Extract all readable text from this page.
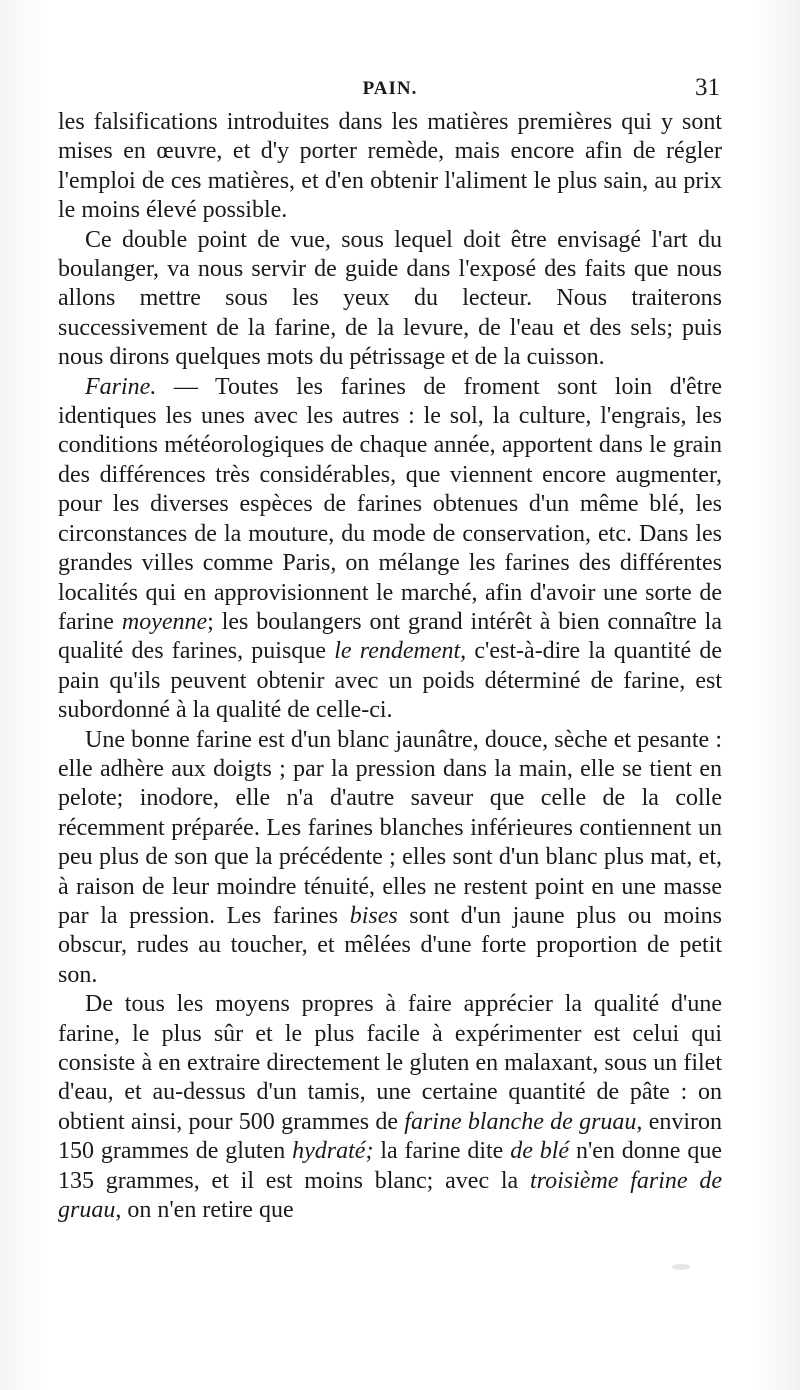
PAIN.	31

les falsifications introduites dans les matières premières qui y sont mises en œuvre, et d'y porter remède, mais encore afin de régler l'emploi de ces matières, et d'en obtenir l'aliment le plus sain, au prix le moins élevé possible.

Ce double point de vue, sous lequel doit être envisagé l'art du boulanger, va nous servir de guide dans l'exposé des faits que nous allons mettre sous les yeux du lecteur. Nous traiterons successivement de la farine, de la levure, de l'eau et des sels; puis nous dirons quelques mots du pétrissage et de la cuisson.

Farine. — Toutes les farines de froment sont loin d'être identiques les unes avec les autres : le sol, la culture, l'engrais, les conditions météorologiques de chaque année, apportent dans le grain des différences très considérables, que viennent encore augmenter, pour les diverses espèces de farines obtenues d'un même blé, les circonstances de la mouture, du mode de conservation, etc. Dans les grandes villes comme Paris, on mélange les farines des différentes localités qui en approvisionnent le marché, afin d'avoir une sorte de farine moyenne; les boulangers ont grand intérêt à bien connaître la qualité des farines, puisque le rendement, c'est-à-dire la quantité de pain qu'ils peuvent obtenir avec un poids déterminé de farine, est subordonné à la qualité de celle-ci.

Une bonne farine est d'un blanc jaunâtre, douce, sèche et pesante : elle adhère aux doigts ; par la pression dans la main, elle se tient en pelote; inodore, elle n'a d'autre saveur que celle de la colle récemment préparée. Les farines blanches inférieures contiennent un peu plus de son que la précédente ; elles sont d'un blanc plus mat, et, à raison de leur moindre ténuité, elles ne restent point en une masse par la pression. Les farines bises sont d'un jaune plus ou moins obscur, rudes au toucher, et mêlées d'une forte proportion de petit son.

De tous les moyens propres à faire apprécier la qualité d'une farine, le plus sûr et le plus facile à expérimenter est celui qui consiste à en extraire directement le gluten en malaxant, sous un filet d'eau, et au-dessus d'un tamis, une certaine quantité de pâte : on obtient ainsi, pour 500 grammes de farine blanche de gruau, environ 150 grammes de gluten hydraté; la farine dite de blé n'en donne que 135 grammes, et il est moins blanc; avec la troisième farine de gruau, on n'en retire que
